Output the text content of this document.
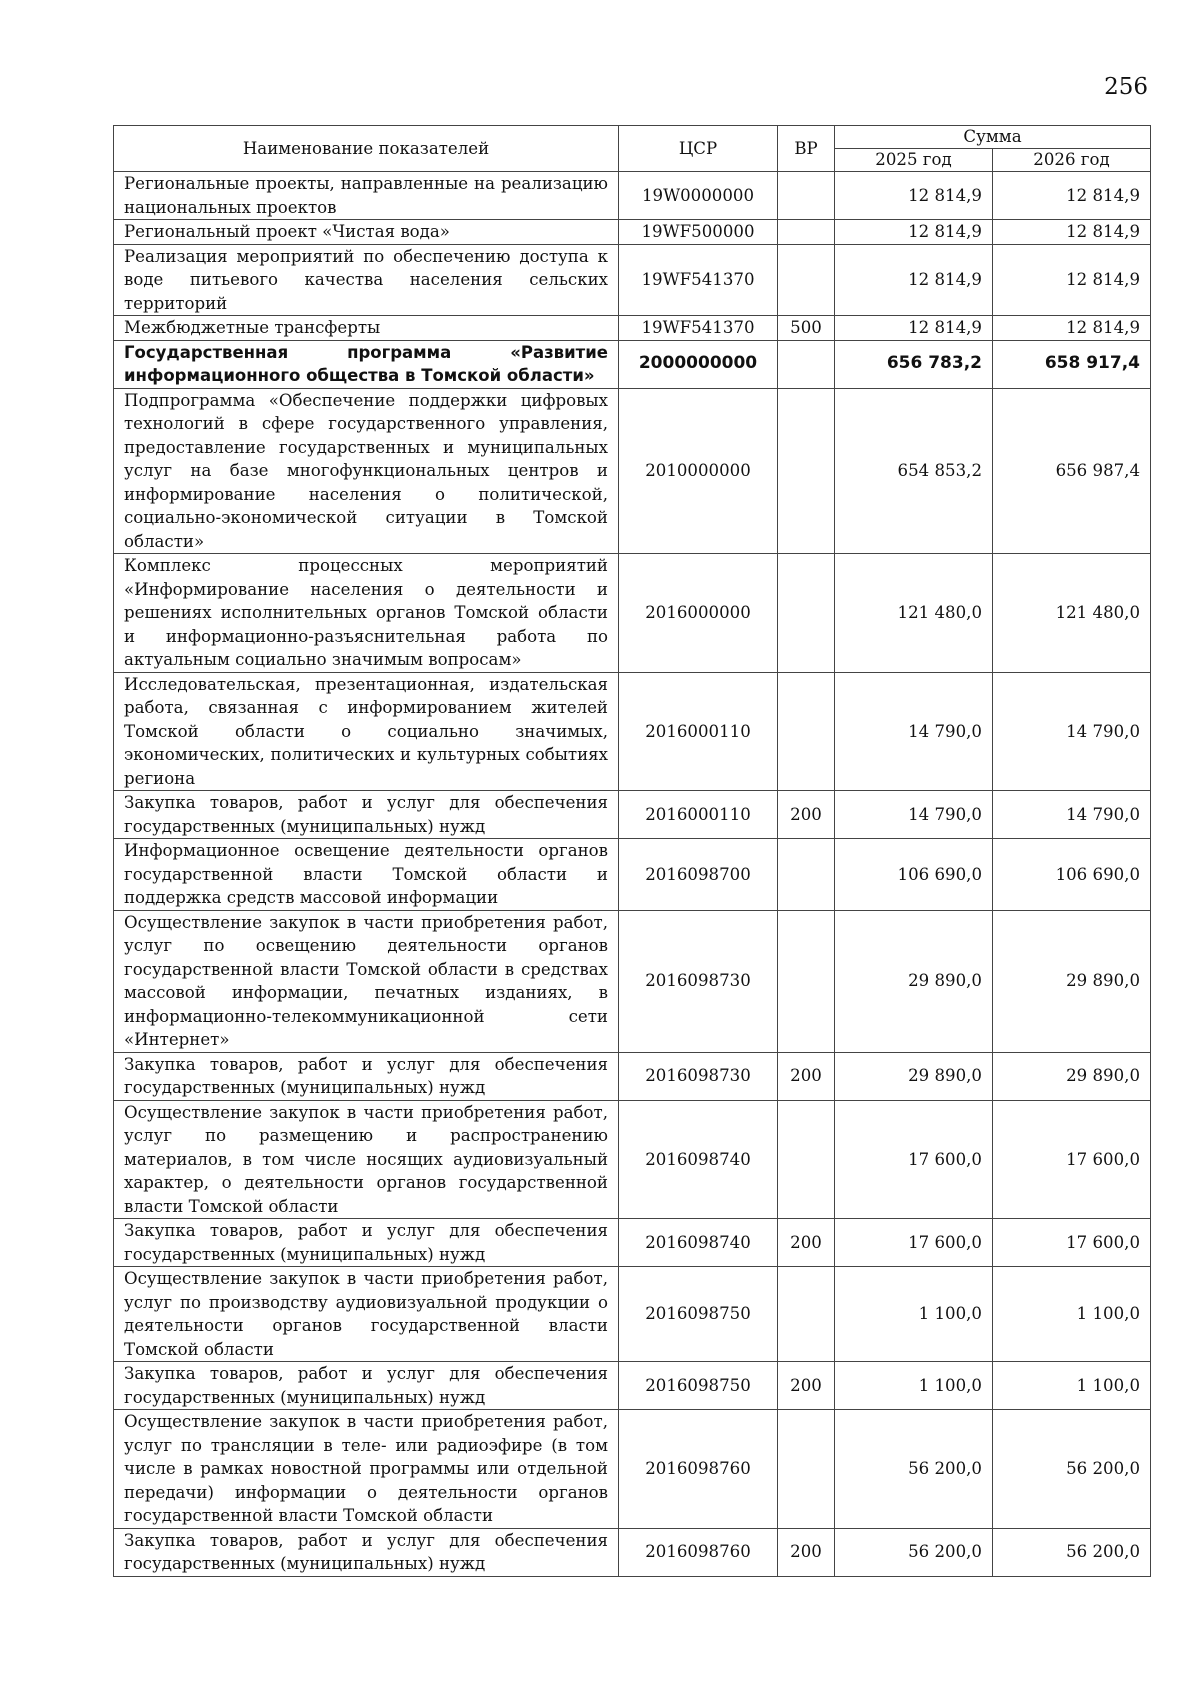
256
Наименование показателей	ЦСР	ВР	Сумма	
			2025 год	2026 год
Региональные проекты, направленные на реализацию национальных проектов	19W0000000		12 814,9	12 814,9
Региональный проект «Чистая вода»	19WF500000		12 814,9	12 814,9
Реализация мероприятий по обеспечению доступа к воде питьевого качества населения сельских территорий	19WF541370		12 814,9	12 814,9
Межбюджетные трансферты	19WF541370	500	12 814,9	12 814,9
Государственная программа «Развитие информационного общества в Томской области»	2000000000		656 783,2	658 917,4
Подпрограмма «Обеспечение поддержки цифровых технологий в сфере государственного управления, предоставление государственных и муниципальных услуг на базе многофункциональных центров и информирование населения о политической, социально-экономической ситуации в Томской области»	2010000000		654 853,2	656 987,4
Комплекс процессных мероприятий «Информирование населения о деятельности и решениях исполнительных органов Томской области и информационно-разъяснительная работа по актуальным социально значимым вопросам»	2016000000		121 480,0	121 480,0
Исследовательская, презентационная, издательская работа, связанная с информированием жителей Томской области о социально значимых, экономических, политических и культурных событиях региона	2016000110		14 790,0	14 790,0
Закупка товаров, работ и услуг для обеспечения государственных (муниципальных) нужд	2016000110	200	14 790,0	14 790,0
Информационное освещение деятельности органов государственной власти Томской области и поддержка средств массовой информации	2016098700		106 690,0	106 690,0
Осуществление закупок в части приобретения работ, услуг по освещению деятельности органов государственной власти Томской области в средствах массовой информации, печатных изданиях, в информационно-телекоммуникационной сети «Интернет»	2016098730		29 890,0	29 890,0
Закупка товаров, работ и услуг для обеспечения государственных (муниципальных) нужд	2016098730	200	29 890,0	29 890,0
Осуществление закупок в части приобретения работ, услуг по размещению и распространению материалов, в том числе носящих аудиовизуальный характер, о деятельности органов государственной власти Томской области	2016098740		17 600,0	17 600,0
Закупка товаров, работ и услуг для обеспечения государственных (муниципальных) нужд	2016098740	200	17 600,0	17 600,0
Осуществление закупок в части приобретения работ, услуг по производству аудиовизуальной продукции о деятельности органов государственной власти Томской области	2016098750		1 100,0	1 100,0
Закупка товаров, работ и услуг для обеспечения государственных (муниципальных) нужд	2016098750	200	1 100,0	1 100,0
Осуществление закупок в части приобретения работ, услуг по трансляции в теле- или радиоэфире (в том числе в рамках новостной программы или отдельной передачи) информации о деятельности органов государственной власти Томской области	2016098760		56 200,0	56 200,0
Закупка товаров, работ и услуг для обеспечения государственных (муниципальных) нужд	2016098760	200	56 200,0	56 200,0
